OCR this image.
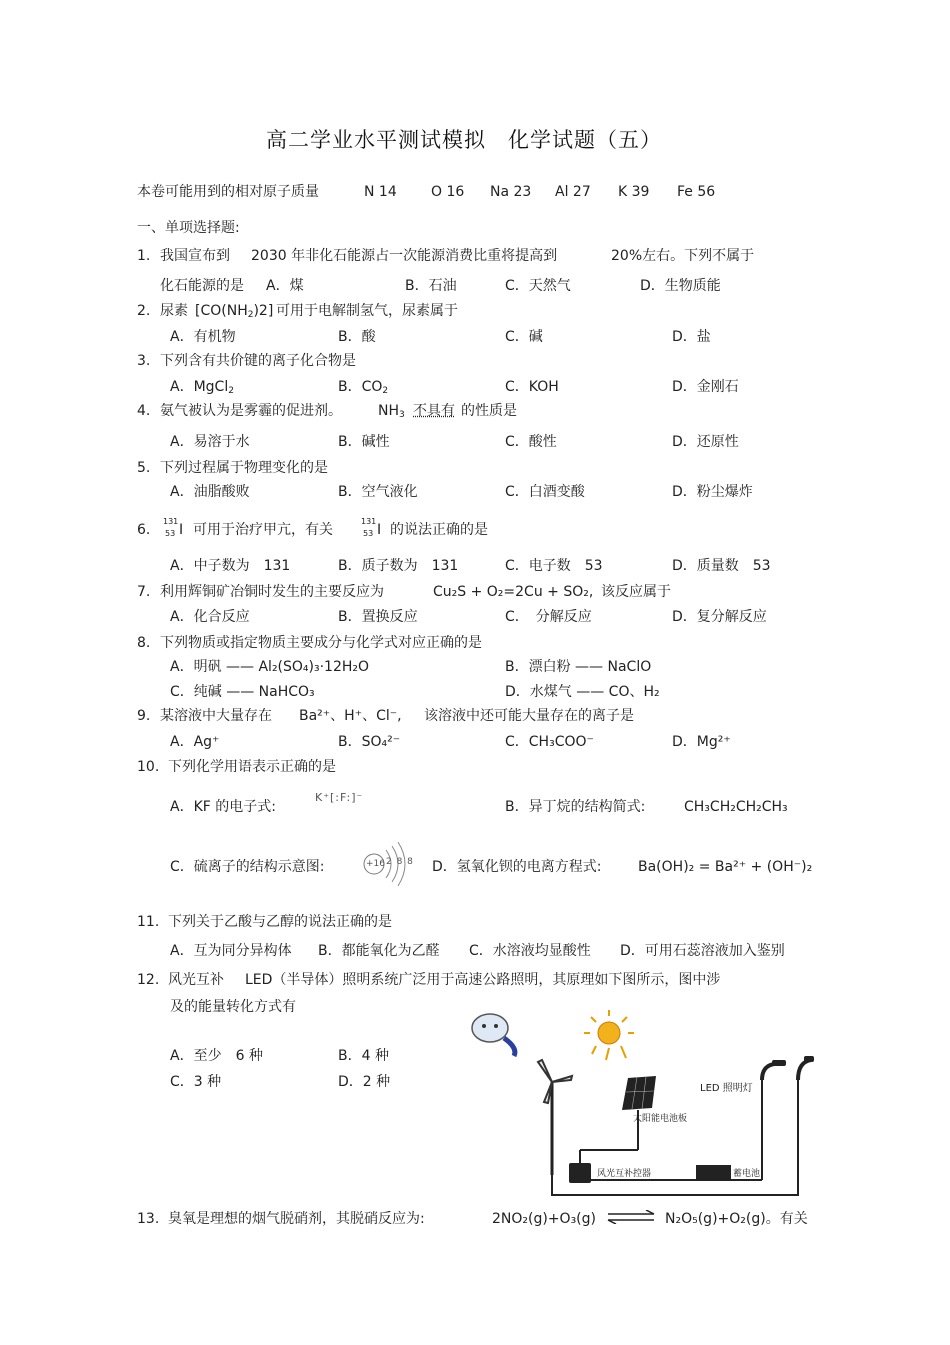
高二学业水平测试模拟　化学试题（五）
本卷可能用到的相对原子质量	N 14 O 16 Na 23 Al 27 K 39 Fe 56
一、单项选择题:
1. 我国宣布到 2030 年非化石能源占一次能源消费比重将提高到	20%左右。下列不属于
化石能源的是 A．煤	B．石油	C．天然气	D．生物质能
2. 尿素 $[CO(NH_2)2]$ 可用于电解制氢气，尿素属于
A．有机物	B．酸	C．碱	D．盐
3. 下列含有共价键的离子化合物是
A．MgCl$_2$	B．$CO_2$	C．KOH	D．金刚石
4. 氨气被认为是雾霾的促进剂。	$NH_3$ 不具有 的性质是
A．易溶于水	B．碱性	C．酸性	D．还原性
5. 下列过程属于物理变化的是
A．油脂酸败	B．空气液化	C．白酒变酸	D．粉尘爆炸
6.
131
53 I 可用于治疗甲亢，有关
131
53 I 的说法正确的是
A．中子数为　131	B．质子数为　131	C．电子数　53	D．质量数　53
7. 利用辉铜矿冶铜时发生的主要反应为	Cu₂S + O₂=2Cu + SO₂, 该反应属于
A．化合反应	B．置换反应	C．　分解反应	D．复分解反应
8. 下列物质或指定物质主要成分与化学式对应正确的是
A．明矾 —— Al₂(SO₄)₃·12H₂O	B．漂白粉 —— NaClO
C．纯碱 —— NaHCO₃	D．水煤气 —— CO、H₂
9. 某溶液中大量存在 Ba²⁺、H⁺、Cl⁻, 该溶液中还可能大量存在的离子是
A．Ag⁺	B．SO₄²⁻	C．CH₃COO⁻	D．Mg²⁺
10. 下列化学用语表示正确的是
A．KF 的电子式:
K⁺[:F:]⁻
B．异丁烷的结构简式:	CH₃CH₂CH₂CH₃
C．硫离子的结构示意图:	+16 2 8 8 D．氢氧化钡的电离方程式:	Ba(OH)₂ = Ba²⁺ + (OH⁻)₂
11. 下列关于乙酸与乙醇的说法正确的是
A．互为同分异构体 B．都能氧化为乙醛 C．水溶液均显酸性 D．可用石蕊溶液加入鉴别
12. 风光互补 LED（半导体）照明系统广泛用于高速公路照明，其原理如下图所示，图中涉
及的能量转化方式有
A．至少　6 种	B．4 种
C．3 种	D．2 种	LED 照明灯
太阳能电池板
风光互补控器	蓄电池
13. 臭氧是理想的烟气脱硝剂，其脱硝反应为:	2NO₂(g)+O₃(g) ⇌ N₂O₅(g)+O₂(g)。有关
